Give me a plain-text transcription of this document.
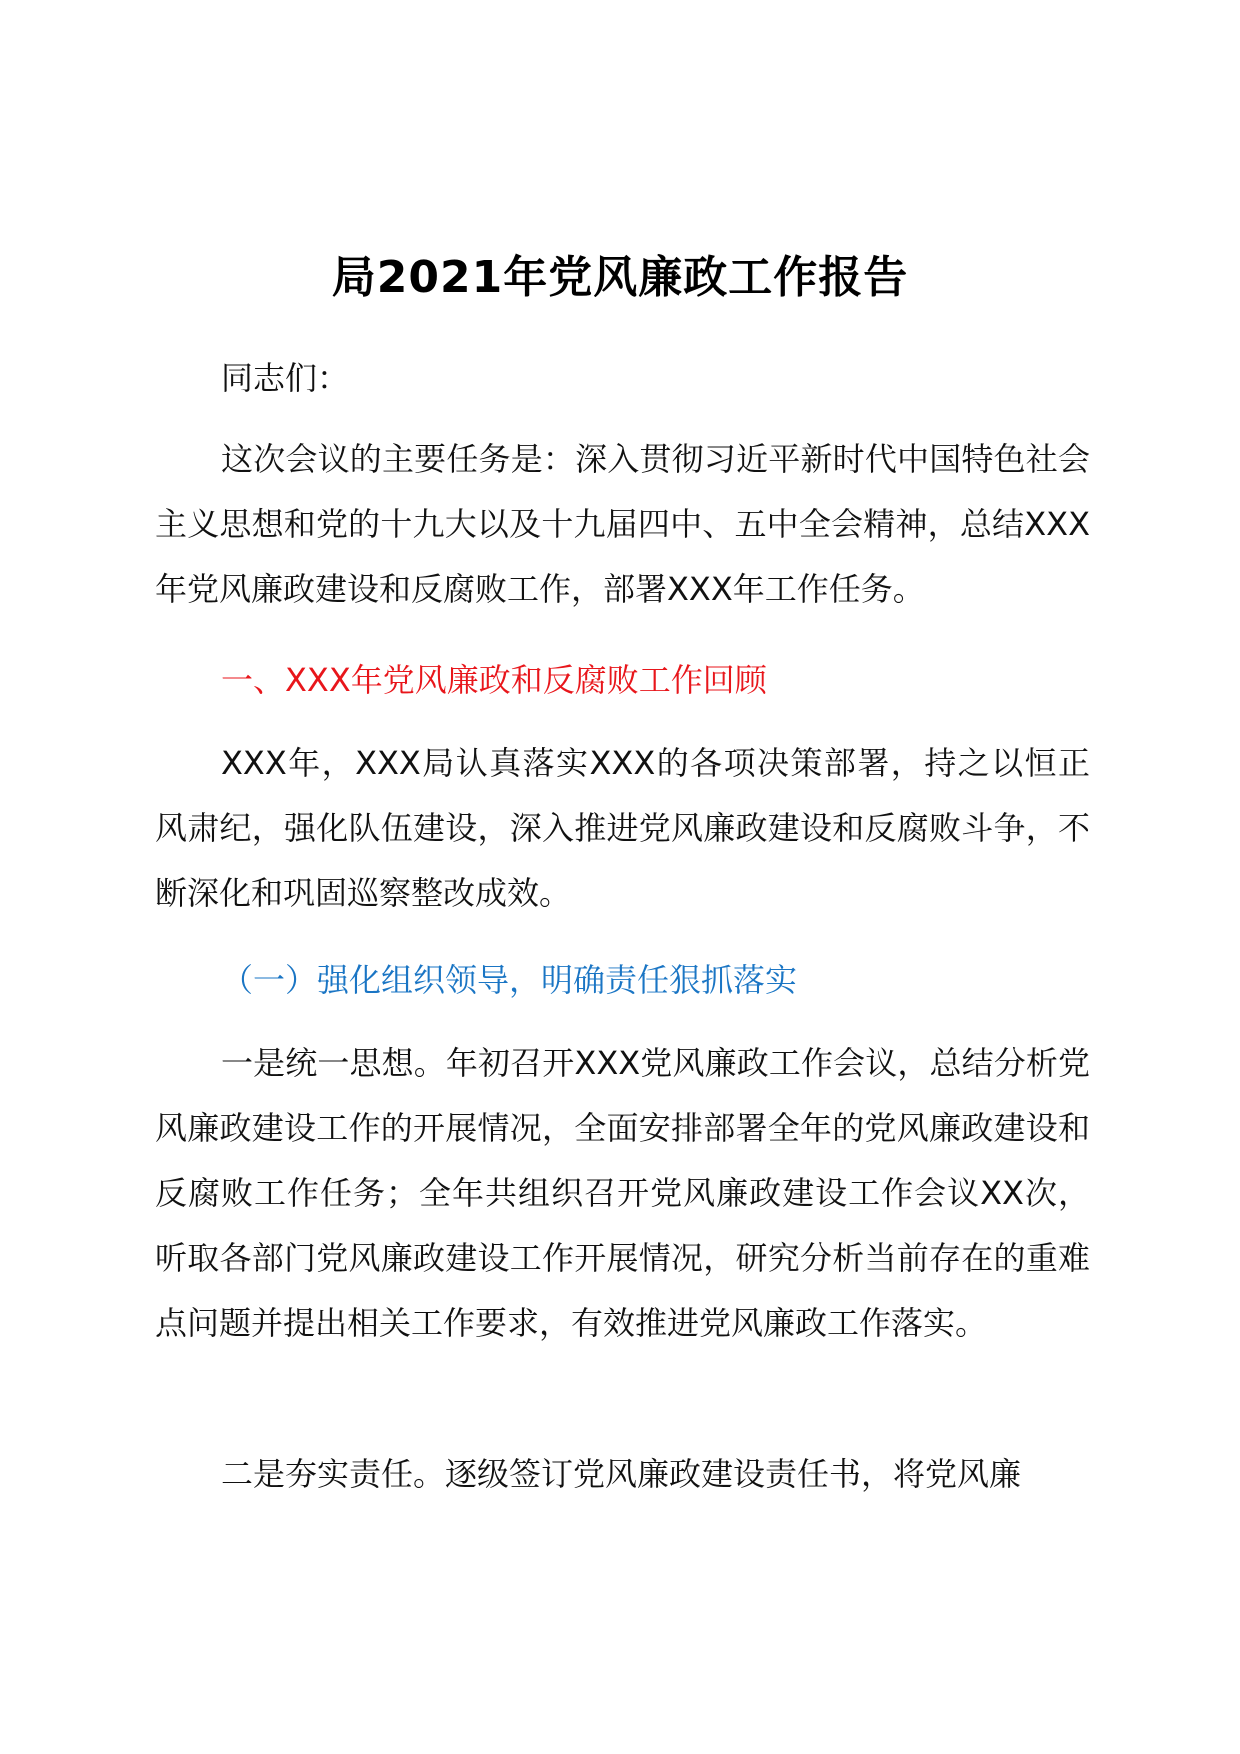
局2021年党风廉政工作报告
同志们：
这次会议的主要任务是：深入贯彻习近平新时代中国特色社会主义思想和党的十九大以及十九届四中、五中全会精神，总结XXX年党风廉政建设和反腐败工作，部署XXX年工作任务。
一、XXX年党风廉政和反腐败工作回顾
XXX年，XXX局认真落实XXX的各项决策部署，持之以恒正风肃纪，强化队伍建设，深入推进党风廉政建设和反腐败斗争，不断深化和巩固巡察整改成效。
（一）强化组织领导，明确责任狠抓落实
一是统一思想。年初召开XXX党风廉政工作会议，总结分析党风廉政建设工作的开展情况，全面安排部署全年的党风廉政建设和反腐败工作任务；全年共组织召开党风廉政建设工作会议XX次，听取各部门党风廉政建设工作开展情况，研究分析当前存在的重难点问题并提出相关工作要求，有效推进党风廉政工作落实。
二是夯实责任。逐级签订党风廉政建设责任书，将党风廉
